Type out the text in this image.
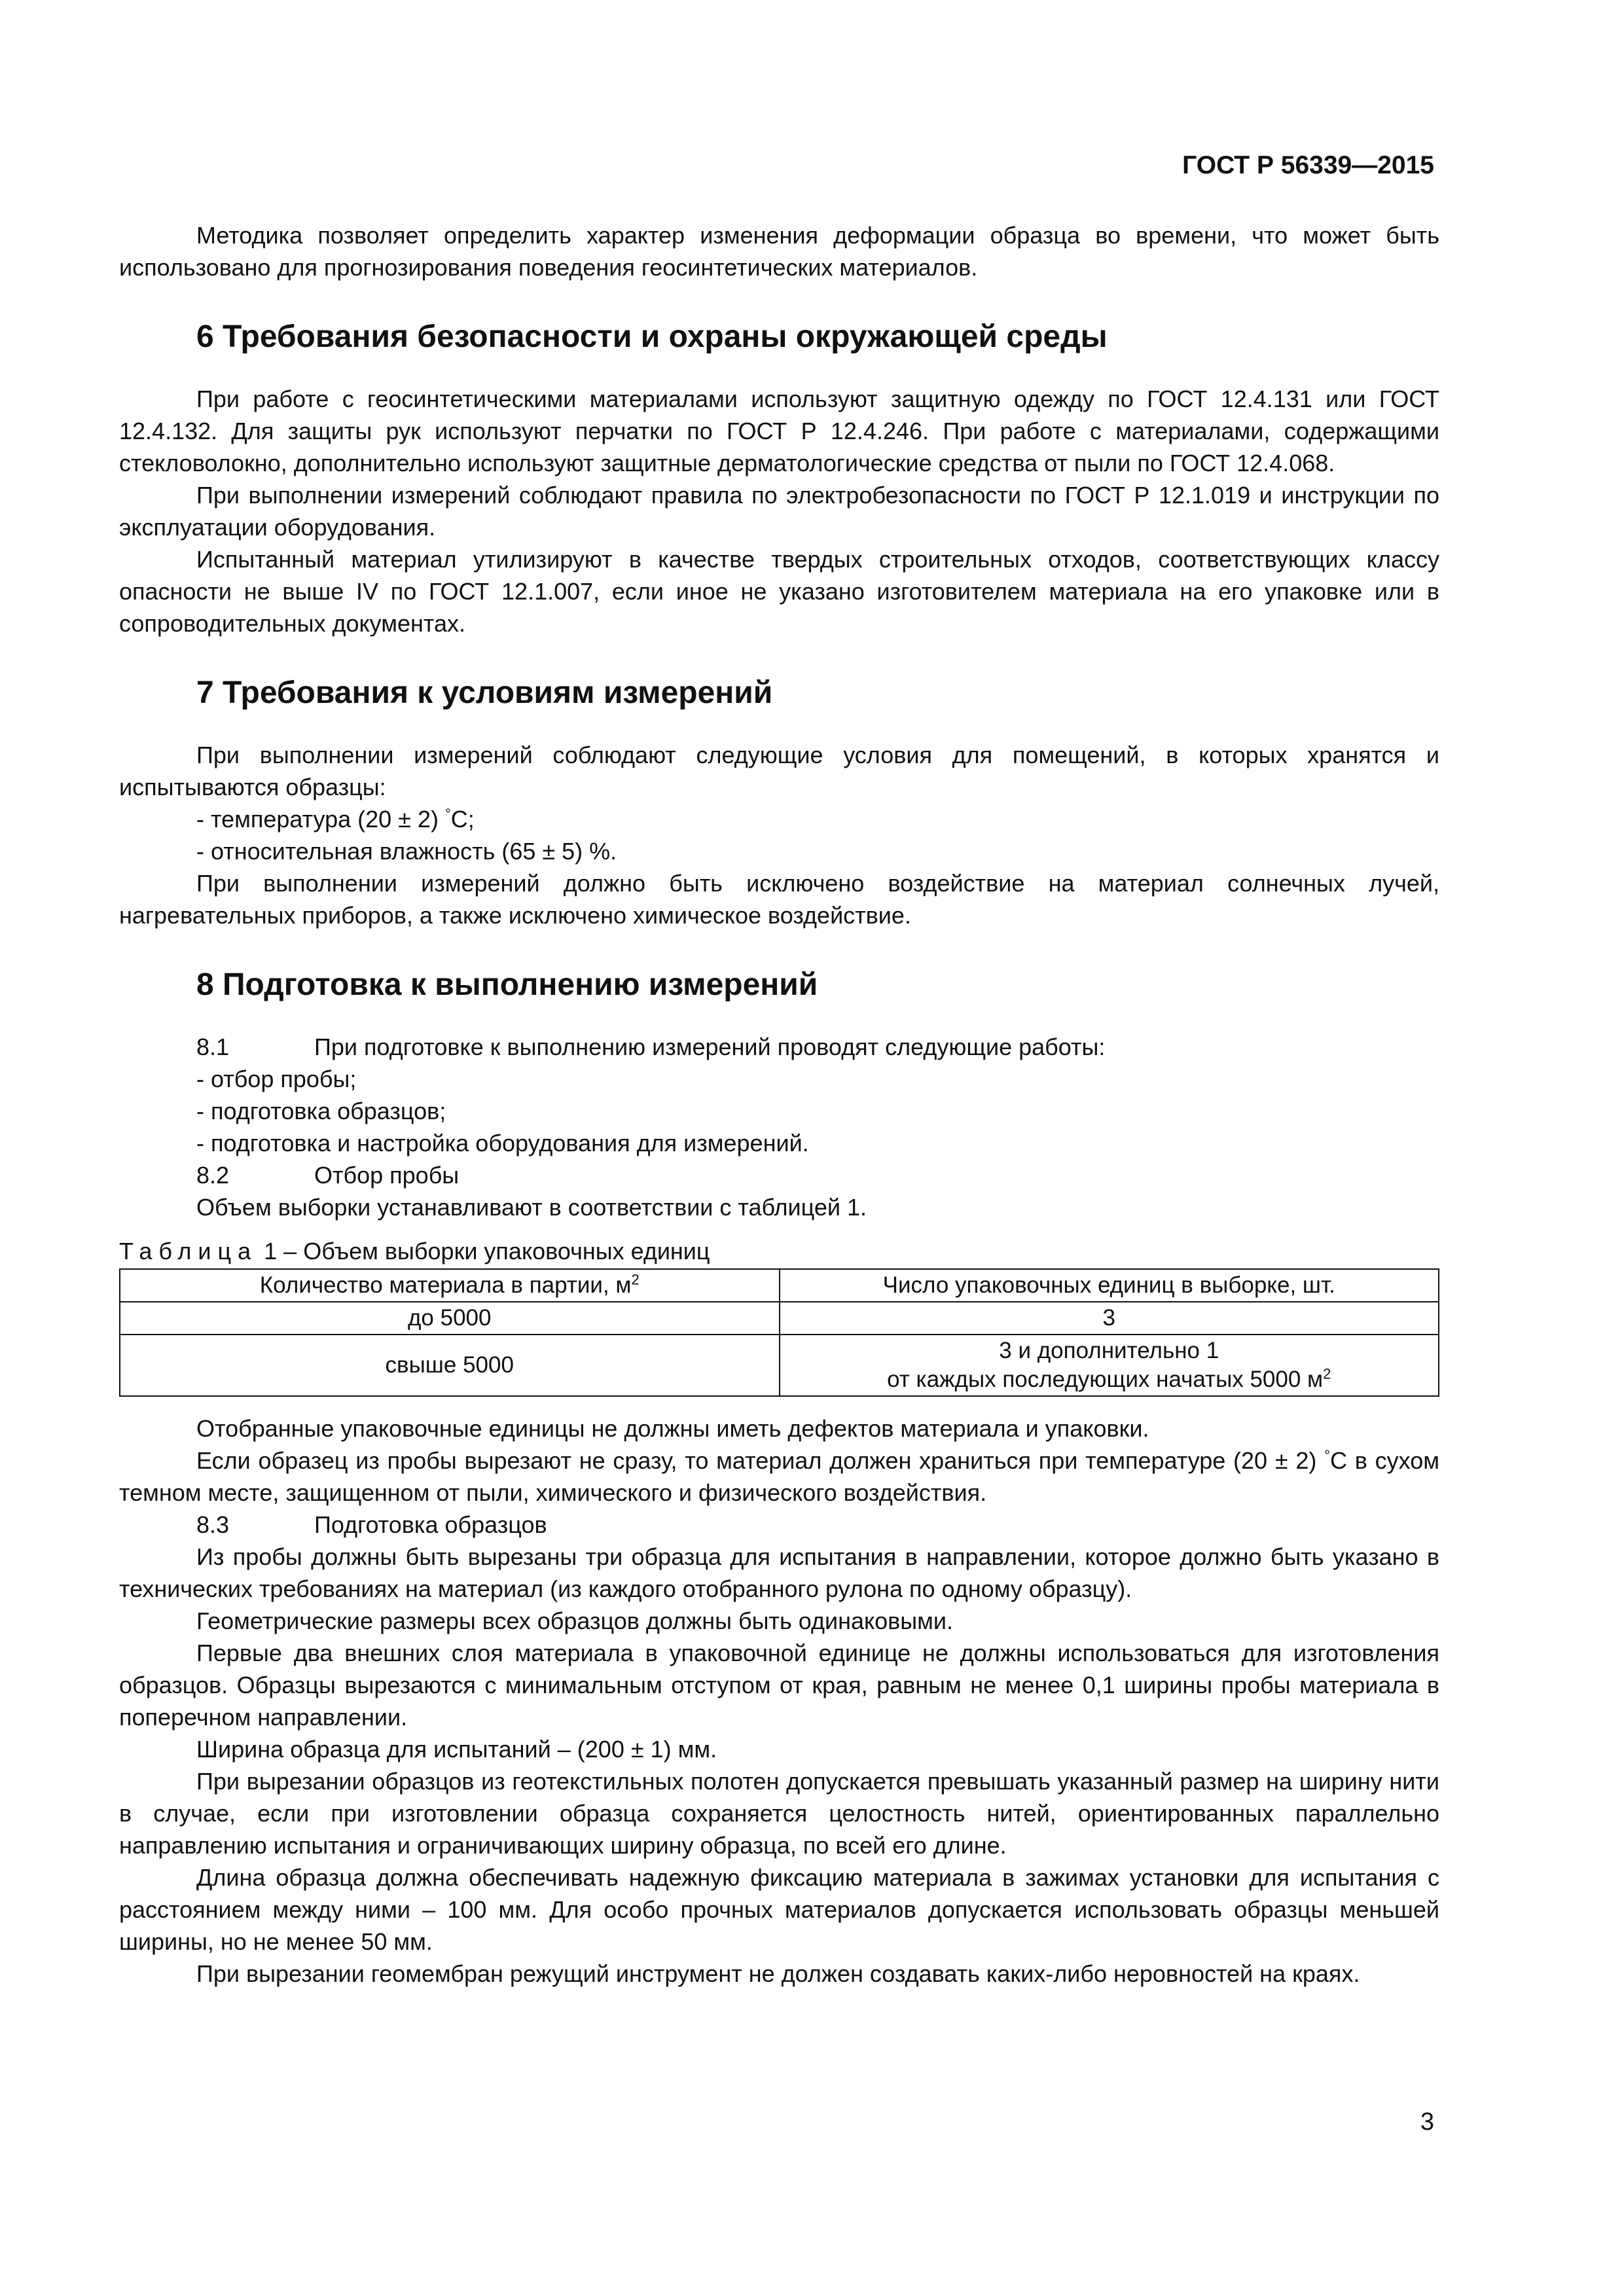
ГОСТ Р 56339—2015

Методика позволяет определить характер изменения деформации образца во времени, что может быть использовано для прогнозирования поведения геосинтетических материалов.

6 Требования безопасности и охраны окружающей среды

При работе с геосинтетическими материалами используют защитную одежду по ГОСТ 12.4.131 или ГОСТ 12.4.132. Для защиты рук используют перчатки по ГОСТ Р 12.4.246. При работе с материалами, содержащими стекловолокно, дополнительно используют защитные дерматологические средства от пыли по ГОСТ 12.4.068.

При выполнении измерений соблюдают правила по электробезопасности по ГОСТ Р 12.1.019 и инструкции по эксплуатации оборудования.

Испытанный материал утилизируют в качестве твердых строительных отходов, соответствующих классу опасности не выше IV по ГОСТ 12.1.007, если иное не указано изготовителем материала на его упаковке или в сопроводительных документах.

7 Требования к условиям измерений

При выполнении измерений соблюдают следующие условия для помещений, в которых хранятся и испытываются образцы:

- температура (20 ± 2) °С;

- относительная влажность (65 ± 5) %.

При выполнении измерений должно быть исключено воздействие на материал солнечных лучей, нагревательных приборов, а также исключено химическое воздействие.

8 Подготовка к выполнению измерений

8.1	При подготовке к выполнению измерений проводят следующие работы:

- отбор пробы;

- подготовка образцов;

- подготовка и настройка оборудования для измерений.

8.2	Отбор пробы

Объем выборки устанавливают в соответствии с таблицей 1.

Таблица 1 – Объем выборки упаковочных единиц

Количество материала в партии, $м^2$	Число упаковочных единиц в выборке, шт.
до 5000	3
свыше 5000	3 и дополнительно 1
от каждых последующих начатых 5000 $м^2$

Отобранные упаковочные единицы не должны иметь дефектов материала и упаковки.

Если образец из пробы вырезают не сразу, то материал должен храниться при температуре (20 ± 2) °С в сухом темном месте, защищенном от пыли, химического и физического воздействия.

8.3	Подготовка образцов

Из пробы должны быть вырезаны три образца для испытания в направлении, которое должно быть указано в технических требованиях на материал (из каждого отобранного рулона по одному образцу).

Геометрические размеры всех образцов должны быть одинаковыми.

Первые два внешних слоя материала в упаковочной единице не должны использоваться для изготовления образцов. Образцы вырезаются с минимальным отступом от края, равным не менее 0,1 ширины пробы материала в поперечном направлении.

Ширина образца для испытаний – (200 ± 1) мм.

При вырезании образцов из геотекстильных полотен допускается превышать указанный размер на ширину нити в случае, если при изготовлении образца сохраняется целостность нитей, ориентированных параллельно направлению испытания и ограничивающих ширину образца, по всей его длине.

Длина образца должна обеспечивать надежную фиксацию материала в зажимах установки для испытания с расстоянием между ними – 100 мм. Для особо прочных материалов допускается использовать образцы меньшей ширины, но не менее 50 мм.

При вырезании геомембран режущий инструмент не должен создавать каких-либо неровностей на краях.

3
